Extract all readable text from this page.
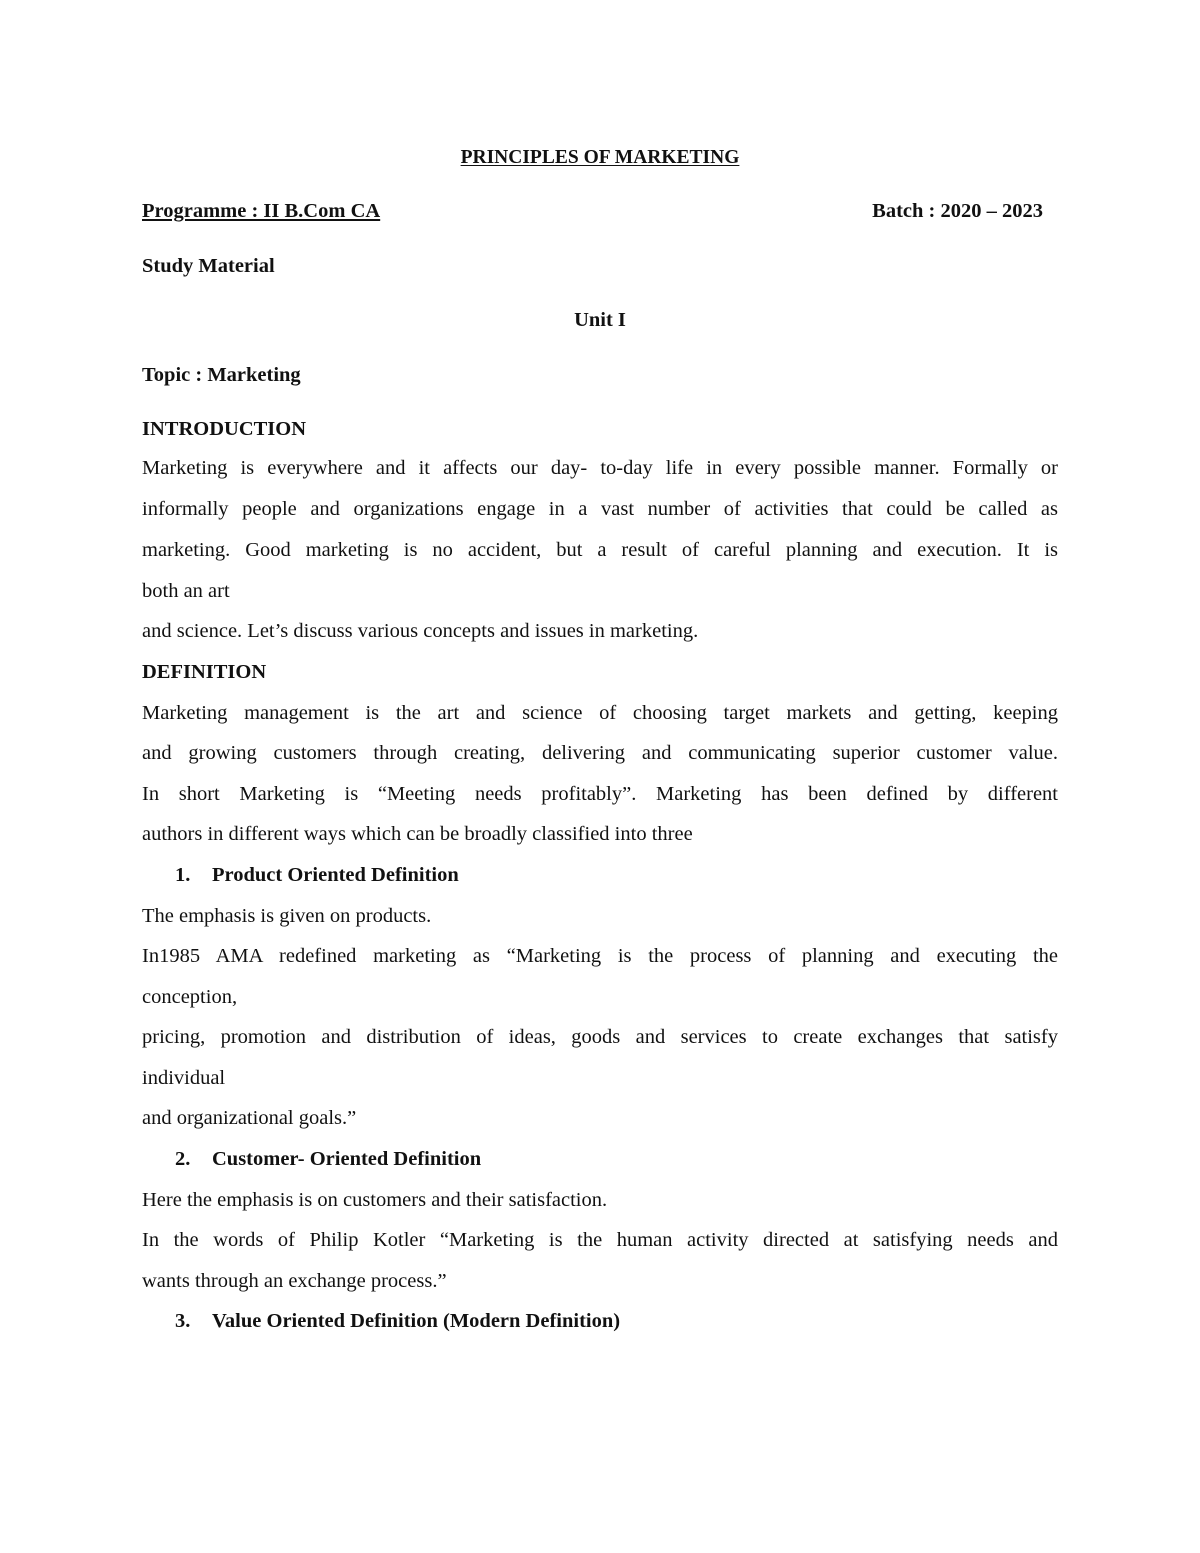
PRINCIPLES OF MARKETING
Programme : II B.Com CA	Batch : 2020 – 2023
Study Material
Unit I
Topic : Marketing
INTRODUCTION
Marketing is everywhere and it affects our day- to-day life in every possible manner. Formally or
informally people and organizations engage in a vast number of activities that could be called as
marketing. Good marketing is no accident, but a result of careful planning and execution. It is
both an art
and science. Let’s discuss various concepts and issues in marketing.
DEFINITION
Marketing management is the art and science of choosing target markets and getting, keeping
and growing customers through creating, delivering and communicating superior customer value.
In short Marketing is “Meeting needs profitably”. Marketing has been defined by different
authors in different ways which can be broadly classified into three
1. Product Oriented Definition
The emphasis is given on products.
In1985 AMA redefined marketing as “Marketing is the process of planning and executing the
conception,
pricing, promotion and distribution of ideas, goods and services to create exchanges that satisfy
individual
and organizational goals.”
2. Customer- Oriented Definition
Here the emphasis is on customers and their satisfaction.
In the words of Philip Kotler “Marketing is the human activity directed at satisfying needs and
wants through an exchange process.”
3. Value Oriented Definition (Modern Definition)
